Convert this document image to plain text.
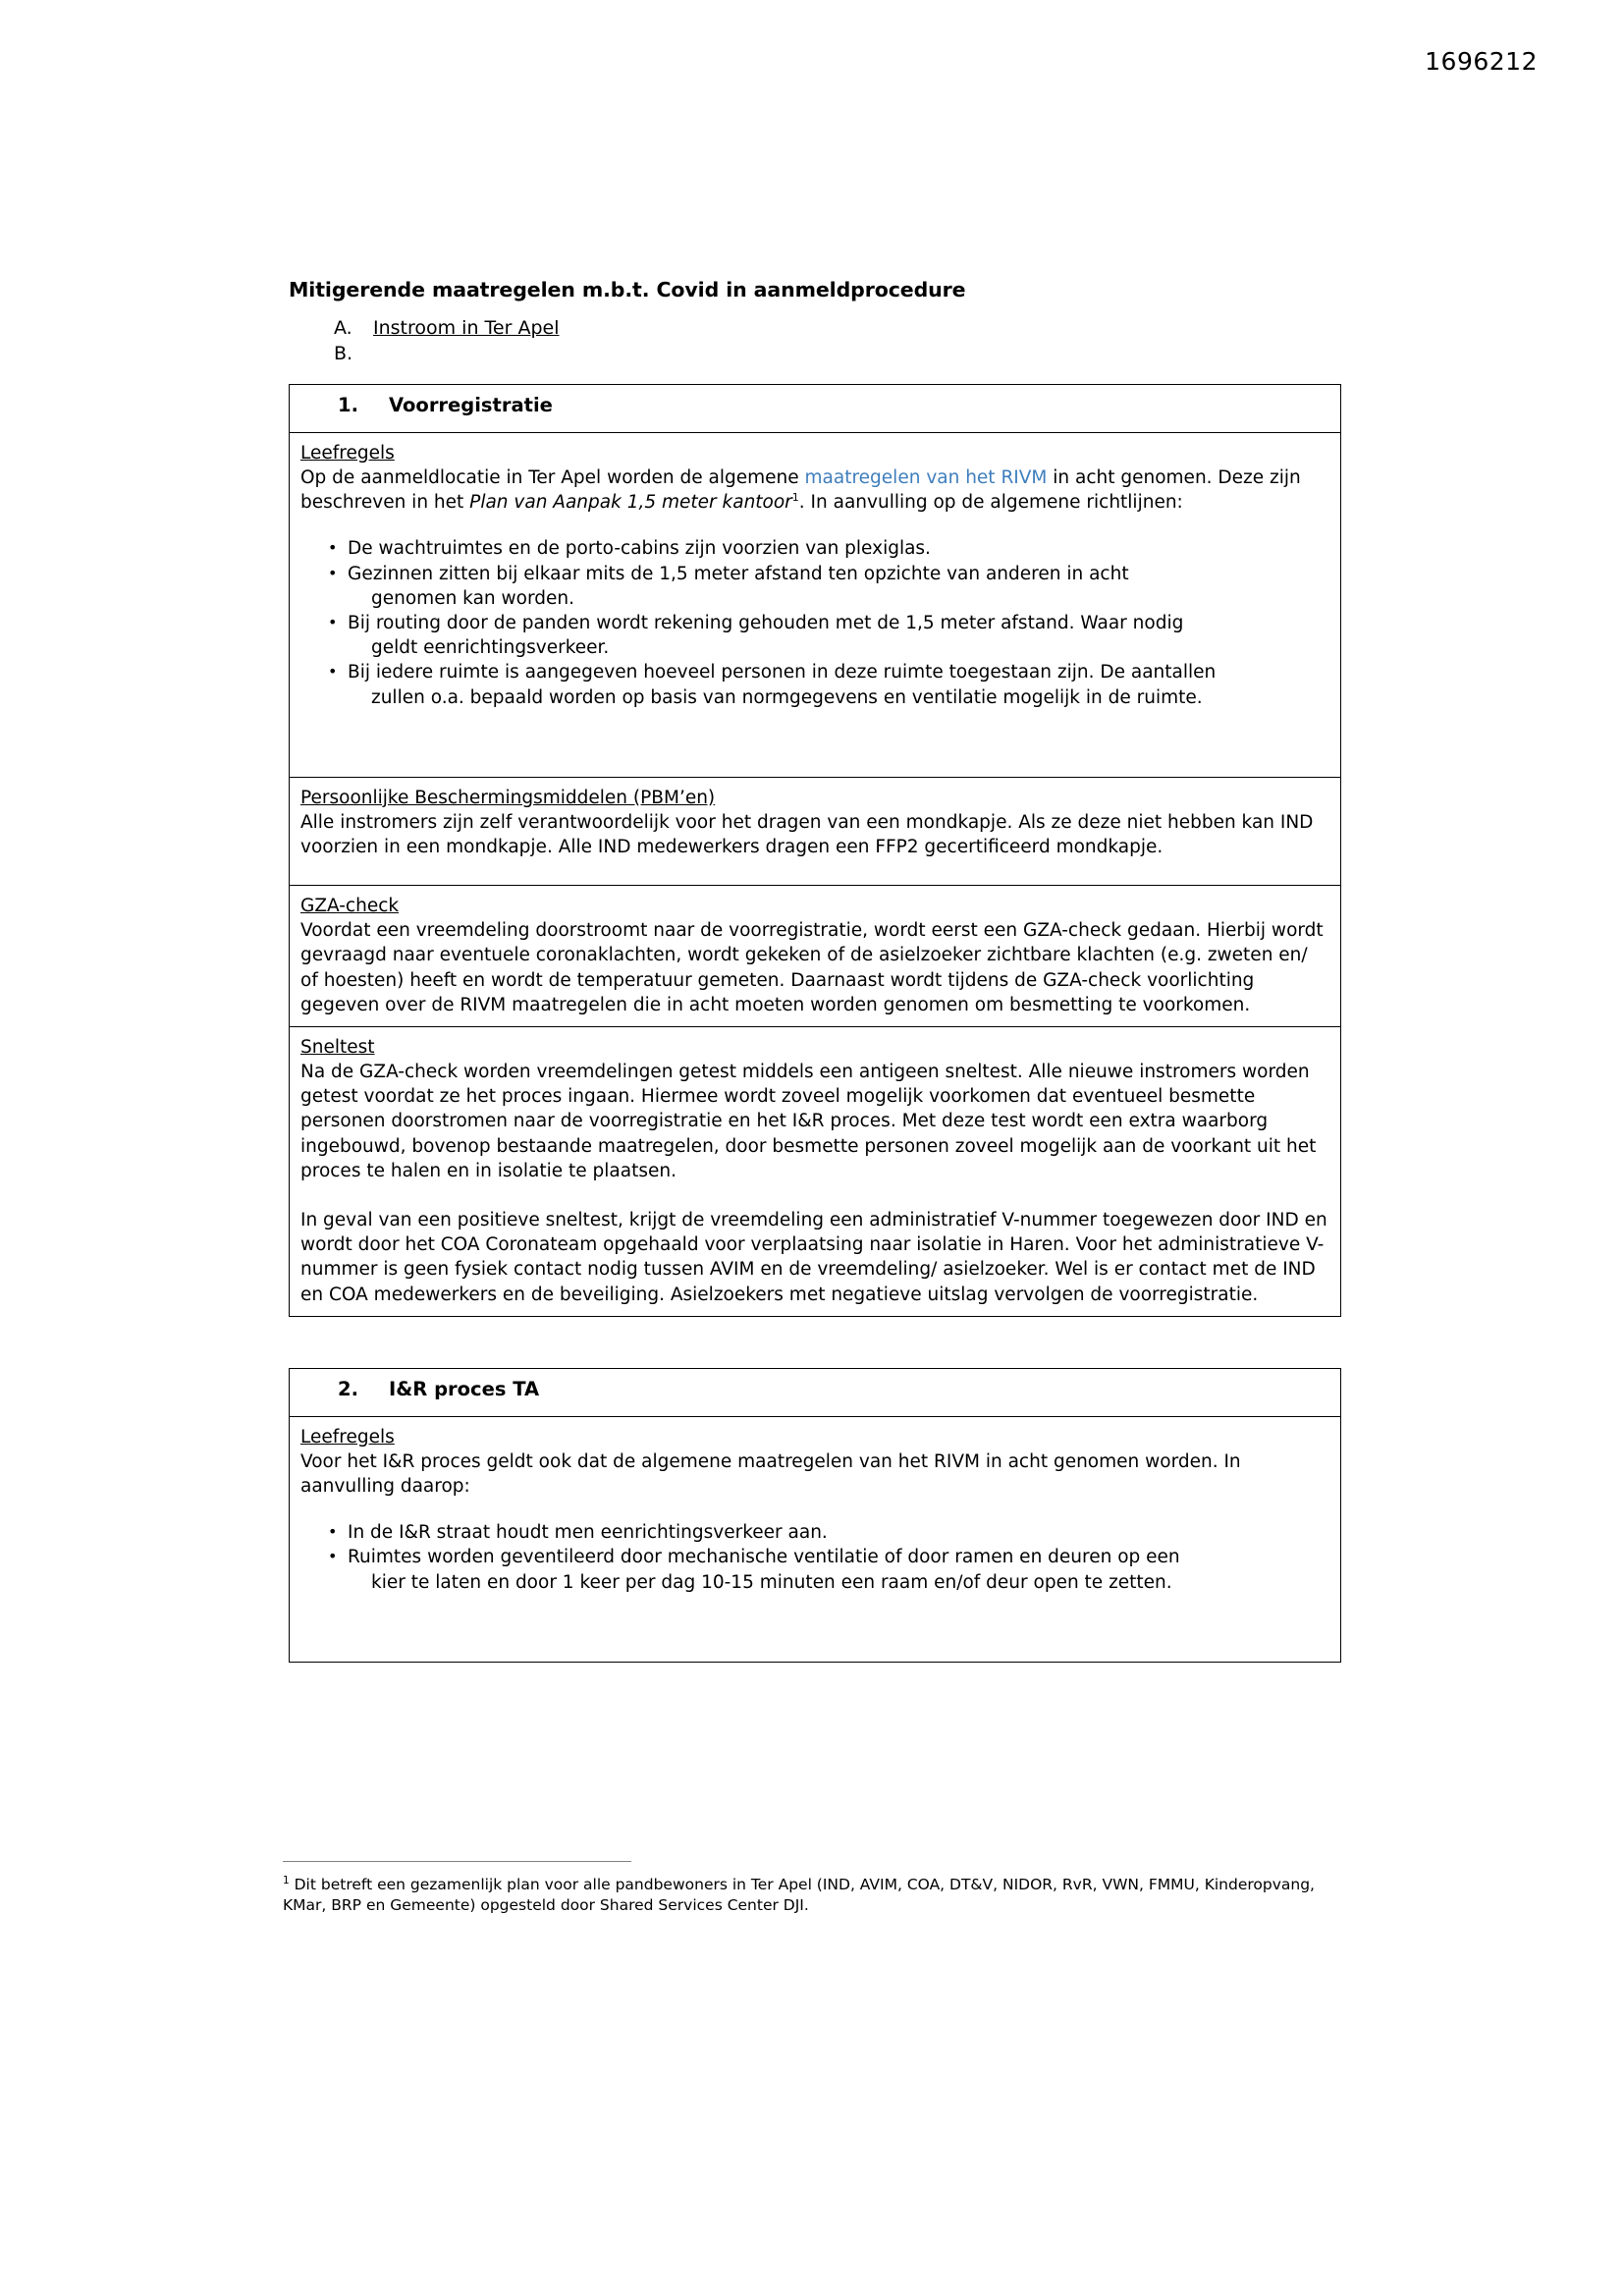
1696212
Mitigerende maatregelen m.b.t. Covid in aanmeldprocedure
A.	Instroom in Ter Apel
B.
1.	Voorregistratie
Leefregels

Op de aanmeldlocatie in Ter Apel worden de algemene maatregelen van het RIVM in acht genomen. Deze zijn beschreven in het Plan van Aanpak 1,5 meter kantoor$^1$. In aanvulling op de algemene richtlijnen:

• De wachtruimtes en de porto-cabins zijn voorzien van plexiglas.
• Gezinnen zitten bij elkaar mits de 1,5 meter afstand ten opzichte van anderen in acht
genomen kan worden.
• Bij routing door de panden wordt rekening gehouden met de 1,5 meter afstand. Waar nodig
geldt eenrichtingsverkeer.
• Bij iedere ruimte is aangegeven hoeveel personen in deze ruimte toegestaan zijn. De aantallen
zullen o.a. bepaald worden op basis van normgegevens en ventilatie mogelijk in de ruimte.
Persoonlijke Beschermingsmiddelen (PBM’en)

Alle instromers zijn zelf verantwoordelijk voor het dragen van een mondkapje. Als ze deze niet hebben kan IND voorzien in een mondkapje. Alle IND medewerkers dragen een FFP2 gecertificeerd mondkapje.

GZA-check

Voordat een vreemdeling doorstroomt naar de voorregistratie, wordt eerst een GZA-check gedaan. Hierbij wordt gevraagd naar eventuele coronaklachten, wordt gekeken of de asielzoeker zichtbare klachten (e.g. zweten en/ of hoesten) heeft en wordt de temperatuur gemeten. Daarnaast wordt tijdens de GZA-check voorlichting gegeven over de RIVM maatregelen die in acht moeten worden genomen om besmetting te voorkomen.

Sneltest

Na de GZA-check worden vreemdelingen getest middels een antigeen sneltest. Alle nieuwe instromers worden getest voordat ze het proces ingaan. Hiermee wordt zoveel mogelijk voorkomen dat eventueel besmette personen doorstromen naar de voorregistratie en het I&R proces. Met deze test wordt een extra waarborg ingebouwd, bovenop bestaande maatregelen, door besmette personen zoveel mogelijk aan de voorkant uit het proces te halen en in isolatie te plaatsen.

In geval van een positieve sneltest, krijgt de vreemdeling een administratief V-nummer toegewezen door IND en wordt door het COA Coronateam opgehaald voor verplaatsing naar isolatie in Haren. Voor het administratieve V-nummer is geen fysiek contact nodig tussen AVIM en de vreemdeling/ asielzoeker. Wel is er contact met de IND en COA medewerkers en de beveiliging. Asielzoekers met negatieve uitslag vervolgen de voorregistratie.

2.	I&R proces TA
Leefregels

Voor het I&R proces geldt ook dat de algemene maatregelen van het RIVM in acht genomen worden. In aanvulling daarop:

• In de I&R straat houdt men eenrichtingsverkeer aan.
• Ruimtes worden geventileerd door mechanische ventilatie of door ramen en deuren op een
kier te laten en door 1 keer per dag 10-15 minuten een raam en/of deur open te zetten.
$^1$ Dit betreft een gezamenlijk plan voor alle pandbewoners in Ter Apel (IND, AVIM, COA, DT&V, NIDOR, RvR, VWN, FMMU, Kinderopvang, KMar, BRP en Gemeente) opgesteld door Shared Services Center DJI.
